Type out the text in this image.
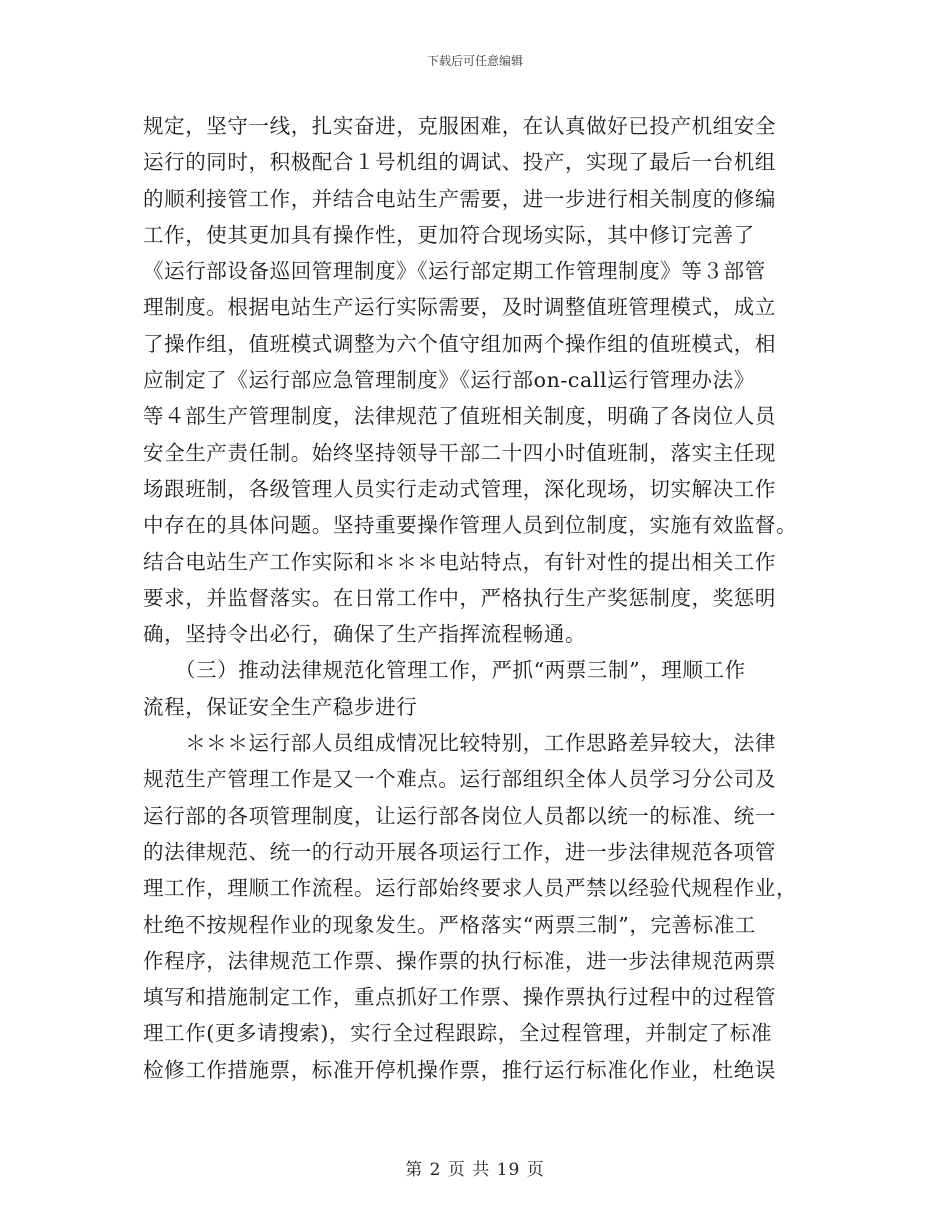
下载后可任意编辑
规定，坚守一线，扎实奋进，克服困难，在认真做好已投产机组安全
运行的同时，积极配合１号机组的调试、投产，实现了最后一台机组
的顺利接管工作，并结合电站生产需要，进一步进行相关制度的修编
工作，使其更加具有操作性，更加符合现场实际，其中修订完善了
《运行部设备巡回管理制度》《运行部定期工作管理制度》等３部管
理制度。根据电站生产运行实际需要，及时调整值班管理模式，成立
了操作组，值班模式调整为六个值守组加两个操作组的值班模式，相
应制定了《运行部应急管理制度》《运行部on-call运行管理办法》
等４部生产管理制度，法律规范了值班相关制度，明确了各岗位人员
安全生产责任制。始终坚持领导干部二十四小时值班制，落实主任现
场跟班制，各级管理人员实行走动式管理，深化现场，切实解决工作
中存在的具体问题。坚持重要操作管理人员到位制度，实施有效监督。
结合电站生产工作实际和＊＊＊电站特点，有针对性的提出相关工作
要求，并监督落实。在日常工作中，严格执行生产奖惩制度，奖惩明
确，坚持令出必行，确保了生产指挥流程畅通。
　　（三）推动法律规范化管理工作，严抓“两票三制”，理顺工作
流程，保证安全生产稳步进行
　　＊＊＊运行部人员组成情况比较特别，工作思路差异较大，法律
规范生产管理工作是又一个难点。运行部组织全体人员学习分公司及
运行部的各项管理制度，让运行部各岗位人员都以统一的标准、统一
的法律规范、统一的行动开展各项运行工作，进一步法律规范各项管
理工作，理顺工作流程。运行部始终要求人员严禁以经验代规程作业，
杜绝不按规程作业的现象发生。严格落实“两票三制”，完善标准工
作程序，法律规范工作票、操作票的执行标准，进一步法律规范两票
填写和措施制定工作，重点抓好工作票、操作票执行过程中的过程管
理工作(更多请搜索)，实行全过程跟踪，全过程管理，并制定了标准
检修工作措施票，标准开停机操作票，推行运行标准化作业，杜绝误
第 2 页 共 19 页
